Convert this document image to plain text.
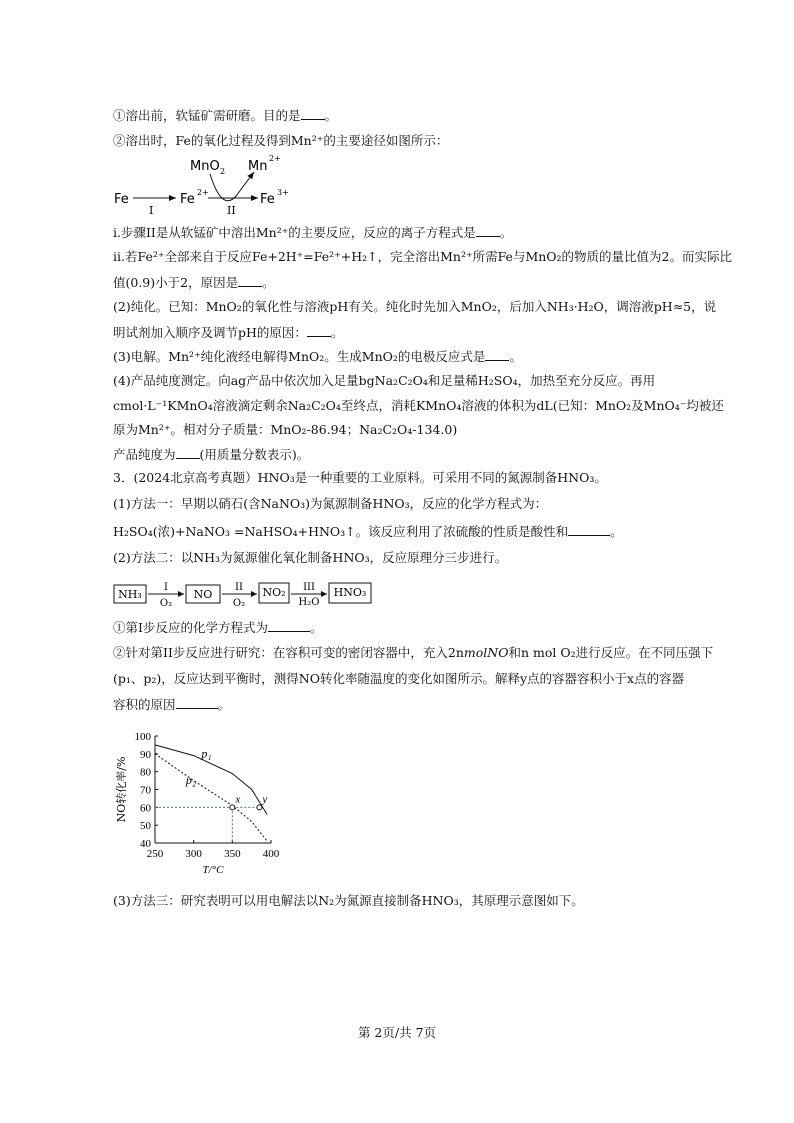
①溶出前，软锰矿需研磨。目的是 。
②溶出时，Fe的氧化过程及得到Mn²⁺的主要途径如图所示：
Fe
I
Fe 2+
II
Fe 3+
MnO 2 Mn
2+
i.步骤II是从软锰矿中溶出Mn²⁺的主要反应，反应的离子方程式是 。
ii.若Fe²⁺全部来自于反应Fe+2H⁺=Fe²⁺+H₂↑，完全溶出Mn²⁺所需Fe与MnO₂的物质的量比值为2。而实际比
值(0.9)小于2，原因是 。
(2)纯化。已知：MnO₂的氧化性与溶液pH有关。纯化时先加入MnO₂，后加入NH₃·H₂O，调溶液pH≈5，说
明试剂加入顺序及调节pH的原因： 。
(3)电解。Mn²⁺纯化液经电解得MnO₂。生成MnO₂的电极反应式是 。
(4)产品纯度测定。向ag产品中依次加入足量bgNa₂C₂O₄和足量稀H₂SO₄，加热至充分反应。再用
cmol·L⁻¹KMnO₄溶液滴定剩余Na₂C₂O₄至终点，消耗KMnO₄溶液的体积为dL(已知：MnO₂及MnO₄⁻均被还
原为Mn²⁺。相对分子质量：MnO₂-86.94；Na₂C₂O₄-134.0)
产品纯度为 (用质量分数表示)。
3．(2024北京高考真题）HNO₃是一种重要的工业原料。可采用不同的氮源制备HNO₃。
(1)方法一：早期以硝石(含NaNO₃)为氮源制备HNO₃，反应的化学方程式为：
H₂SO₄(浓)+NaNO₃ =NaHSO₄+HNO₃↑。该反应利用了浓硫酸的性质是酸性和	。
(2)方法二：以NH₃为氮源催化氧化制备HNO₃，反应原理分三步进行。
NH₃
I
O₂
NO
II
O₂
NO₂ III
H₂O
HNO₃
①第I步反应的化学方程式为	。
②针对第II步反应进行研究：在容积可变的密闭容器中，充入2nmolNO和n mol O₂进行反应。在不同压强下
(p₁、p₂)，反应达到平衡时，测得NO转化率随温度的变化如图所示。解释y点的容器容积小于x点的容器
容积的原因	。
40
50
60
70
80
90
100
250 300 350 400
T/°C
NO转化率/%
p₁
p₂
x y
(3)方法三：研究表明可以用电解法以N₂为氮源直接制备HNO₃，其原理示意图如下。
第 2页/共 7页
